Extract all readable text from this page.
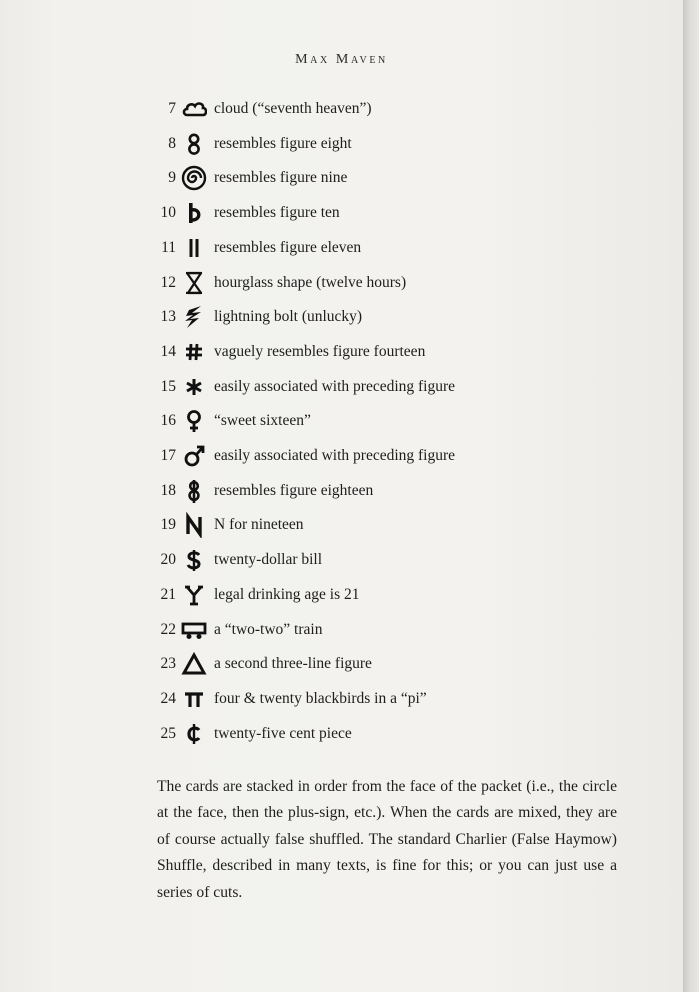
Max Maven
7 cloud (“seventh heaven”)
8 resembles figure eight
9 resembles figure nine
10 resembles figure ten
11 resembles figure eleven
12 hourglass shape (twelve hours)
13 lightning bolt (unlucky)
14 vaguely resembles figure fourteen
15 easily associated with preceding figure
16 “sweet sixteen”
17 easily associated with preceding figure
18 resembles figure eighteen
19 N for nineteen
20 twenty-dollar bill
21 legal drinking age is 21
22 a “two-two” train
23 a second three-line figure
24 four & twenty blackbirds in a “pi”
25 twenty-five cent piece

The cards are stacked in order from the face of the packet (i.e., the circle at the face, then the plus-sign, etc.). When the cards are mixed, they are of course actually false shuffled. The standard Charlier (False Haymow) Shuffle, described in many texts, is fine for this; or you can just use a series of cuts.
